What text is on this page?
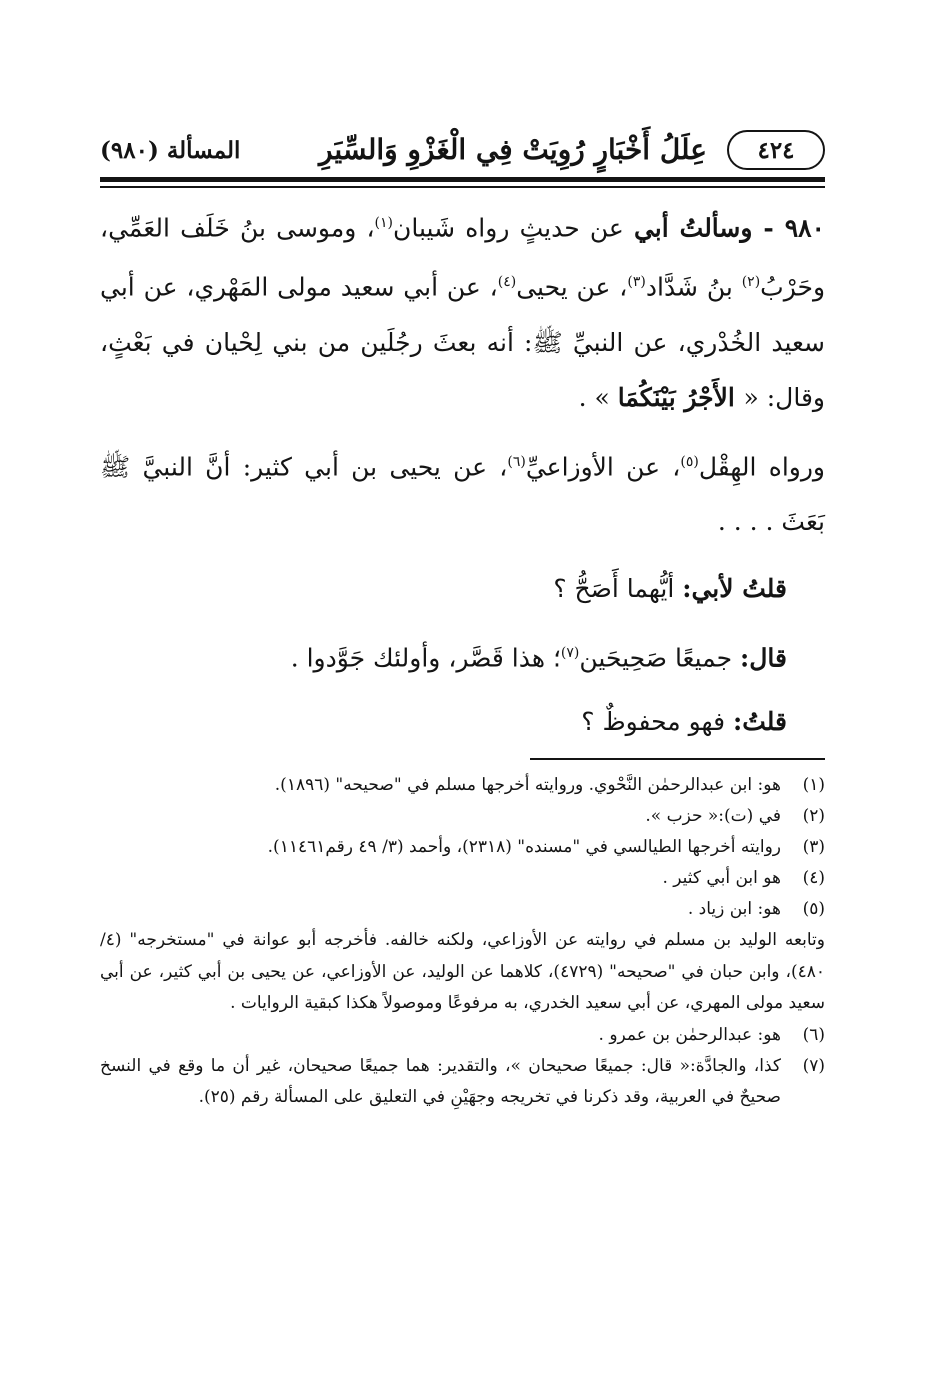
٤٢٤
عِلَلُ أَخْبَارٍ رُوِيَتْ فِي الْغَزْوِ وَالسِّيَرِ
المسألة (٩٨٠)

٩٨٠ - وسألتُ أبي عن حديثٍ رواه شَيبان$^{(١)}$، وموسى بنُ خَلَف العَمِّي، وحَرْبُ$^{(٢)}$ بنُ شَدَّاد$^{(٣)}$، عن يحيى$^{(٤)}$، عن أبي سعيد مولى المَهْري، عن أبي سعيد الخُدْري، عن النبيِّ ﷺ: أنه بعثَ رجُلَين من بني لِحْيان في بَعْثٍ، وقال: « الأَجْرُ بَيْنَكُمَا » .

ورواه الهِقْل$^{(٥)}$، عن الأوزاعيِّ$^{(٦)}$، عن يحيى بن أبي كثير: أنَّ النبيَّ ﷺ بَعَثَ . . . .

قلتُ لأبي: أيُّهما أَصَحُّ ؟

قال: جميعًا صَحِيحَين$^{(٧)}$؛ هذا قَصَّر، وأولئك جَوَّدوا .

قلتُ: فهو محفوظٌ ؟

(١)
هو: ابن عبدالرحمٰن النَّحْوي. وروايته أخرجها مسلم في "صحيحه" (١٨٩٦).
(٢)
في (ت):« حزب ».
(٣)
روايته أخرجها الطيالسي في "مسنده" (٢٣١٨)، وأحمد (٣/ ٤٩ رقم١١٤٦١).
(٤)
هو ابن أبي كثير .
(٥)
هو: ابن زياد .

وتابعه الوليد بن مسلم في روايته عن الأوزاعي، ولكنه خالفه. فأخرجه أبو عوانة في "مستخرجه" (٤/ ٤٨٠)، وابن حبان في "صحيحه" (٤٧٢٩)، كلاهما عن الوليد، عن الأوزاعي، عن يحيى بن أبي كثير، عن أبي سعيد مولى المهري، عن أبي سعيد الخدري، به مرفوعًا وموصولاً هكذا كبقية الروايات .

(٦)
هو: عبدالرحمٰن بن عمرو .
(٧)
كذا، والجادَّة:« قال: جميعًا صحيحان »، والتقدير: هما جميعًا صحيحان، غير أن ما وقع في النسخ صحيحٌ في العربية، وقد ذكرنا في تخريجه وجهَيْنِ في التعليق على المسألة رقم (٢٥).
